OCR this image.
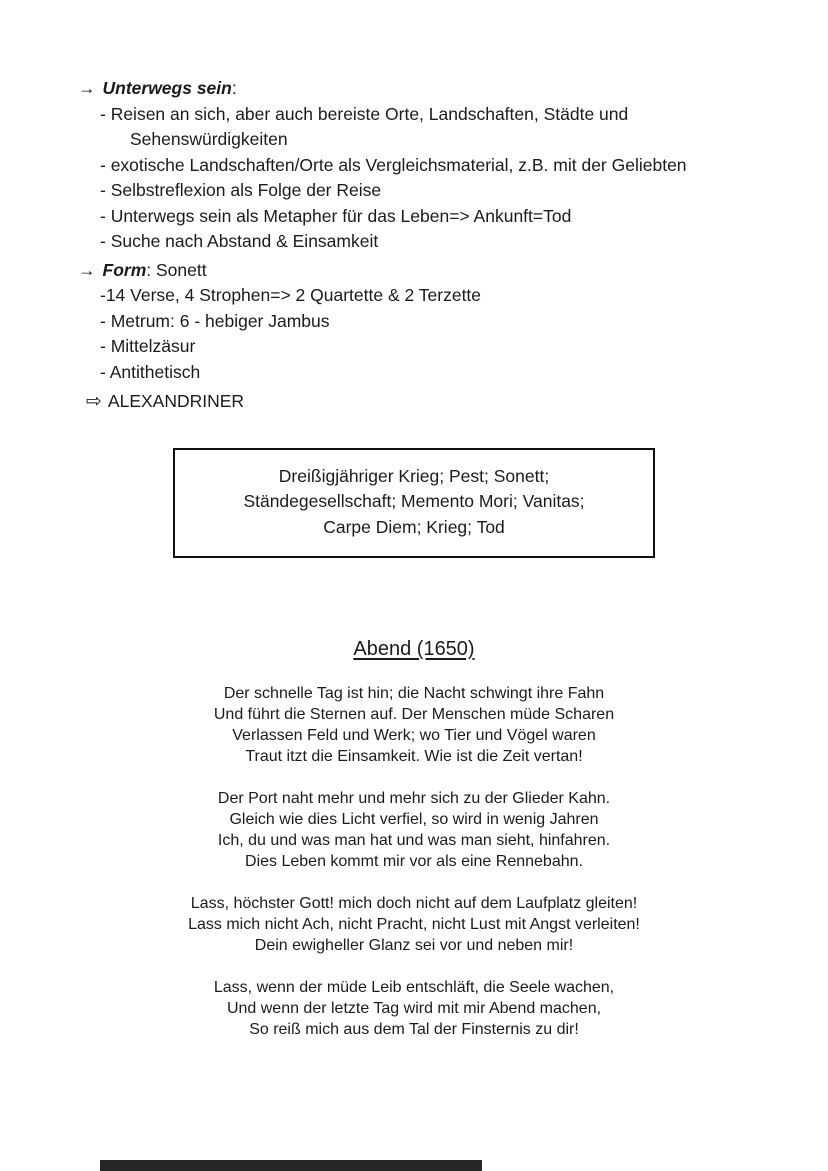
→ Unterwegs sein:
- Reisen an sich, aber auch bereiste Orte, Landschaften, Städte und Sehenswürdigkeiten
- exotische Landschaften/Orte als Vergleichsmaterial, z.B. mit der Geliebten
- Selbstreflexion als Folge der Reise
- Unterwegs sein als Metapher für das Leben=> Ankunft=Tod
- Suche nach Abstand & Einsamkeit
→ Form: Sonett
-14 Verse, 4 Strophen=> 2 Quartette & 2 Terzette
- Metrum: 6 - hebiger Jambus
- Mittelzäsur
- Antithetisch
⇨ ALEXANDRINER
Dreißigjähriger Krieg; Pest; Sonett;
Ständegesellschaft; Memento Mori; Vanitas;
Carpe Diem; Krieg; Tod
Abend (1650)
Der schnelle Tag ist hin; die Nacht schwingt ihre Fahn
Und führt die Sternen auf. Der Menschen müde Scharen
Verlassen Feld und Werk; wo Tier und Vögel waren
Traut itzt die Einsamkeit. Wie ist die Zeit vertan!
Der Port naht mehr und mehr sich zu der Glieder Kahn.
Gleich wie dies Licht verfiel, so wird in wenig Jahren
Ich, du und was man hat und was man sieht, hinfahren.
Dies Leben kommt mir vor als eine Rennebahn.
Lass, höchster Gott! mich doch nicht auf dem Laufplatz gleiten!
Lass mich nicht Ach, nicht Pracht, nicht Lust mit Angst verleiten!
Dein ewigheller Glanz sei vor und neben mir!
Lass, wenn der müde Leib entschläft, die Seele wachen,
Und wenn der letzte Tag wird mit mir Abend machen,
So reiß mich aus dem Tal der Finsternis zu dir!
